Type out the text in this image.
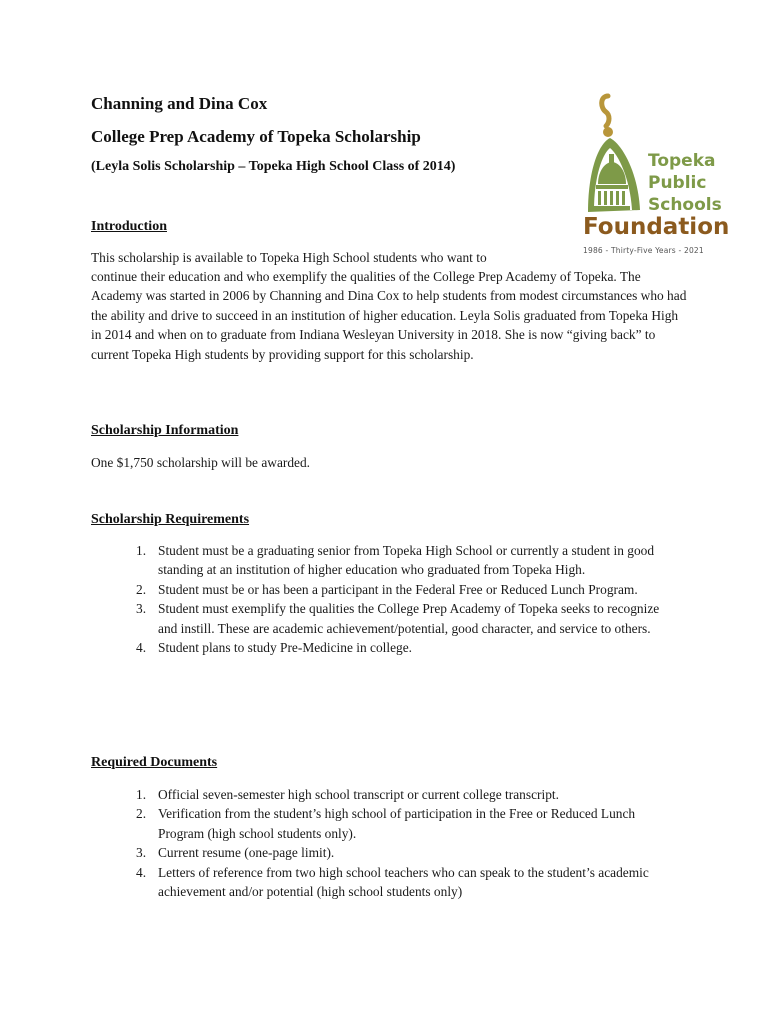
Channing and Dina Cox
College Prep Academy of Topeka Scholarship
(Leyla Solis Scholarship – Topeka High School Class of 2014)	Topeka
Public
Schools
Foundation
1986 - Thirty-Five Years - 2021
Introduction
This scholarship is available to Topeka High School students who want to
continue their education and who exemplify the qualities of the College Prep Academy of Topeka. The Academy was started in 2006 by Channing and Dina Cox to help students from modest circumstances who had the ability and drive to succeed in an institution of higher education. Leyla Solis graduated from Topeka High in 2014 and when on to graduate from Indiana Wesleyan University in 2018. She is now “giving back” to current Topeka High students by providing support for this scholarship.
Scholarship Information
One $1,750 scholarship will be awarded.
Scholarship Requirements
1. Student must be a graduating senior from Topeka High School or currently a student in good standing at an institution of higher education who graduated from Topeka High.
2. Student must be or has been a participant in the Federal Free or Reduced Lunch Program.
3. Student must exemplify the qualities the College Prep Academy of Topeka seeks to recognize and instill. These are academic achievement/potential, good character, and service to others.
4. Student plans to study Pre-Medicine in college.
Required Documents
1. Official seven-semester high school transcript or current college transcript.
2. Verification from the student’s high school of participation in the Free or Reduced Lunch Program (high school students only).
3. Current resume (one-page limit).
4. Letters of reference from two high school teachers who can speak to the student’s academic achievement and/or potential (high school students only)
